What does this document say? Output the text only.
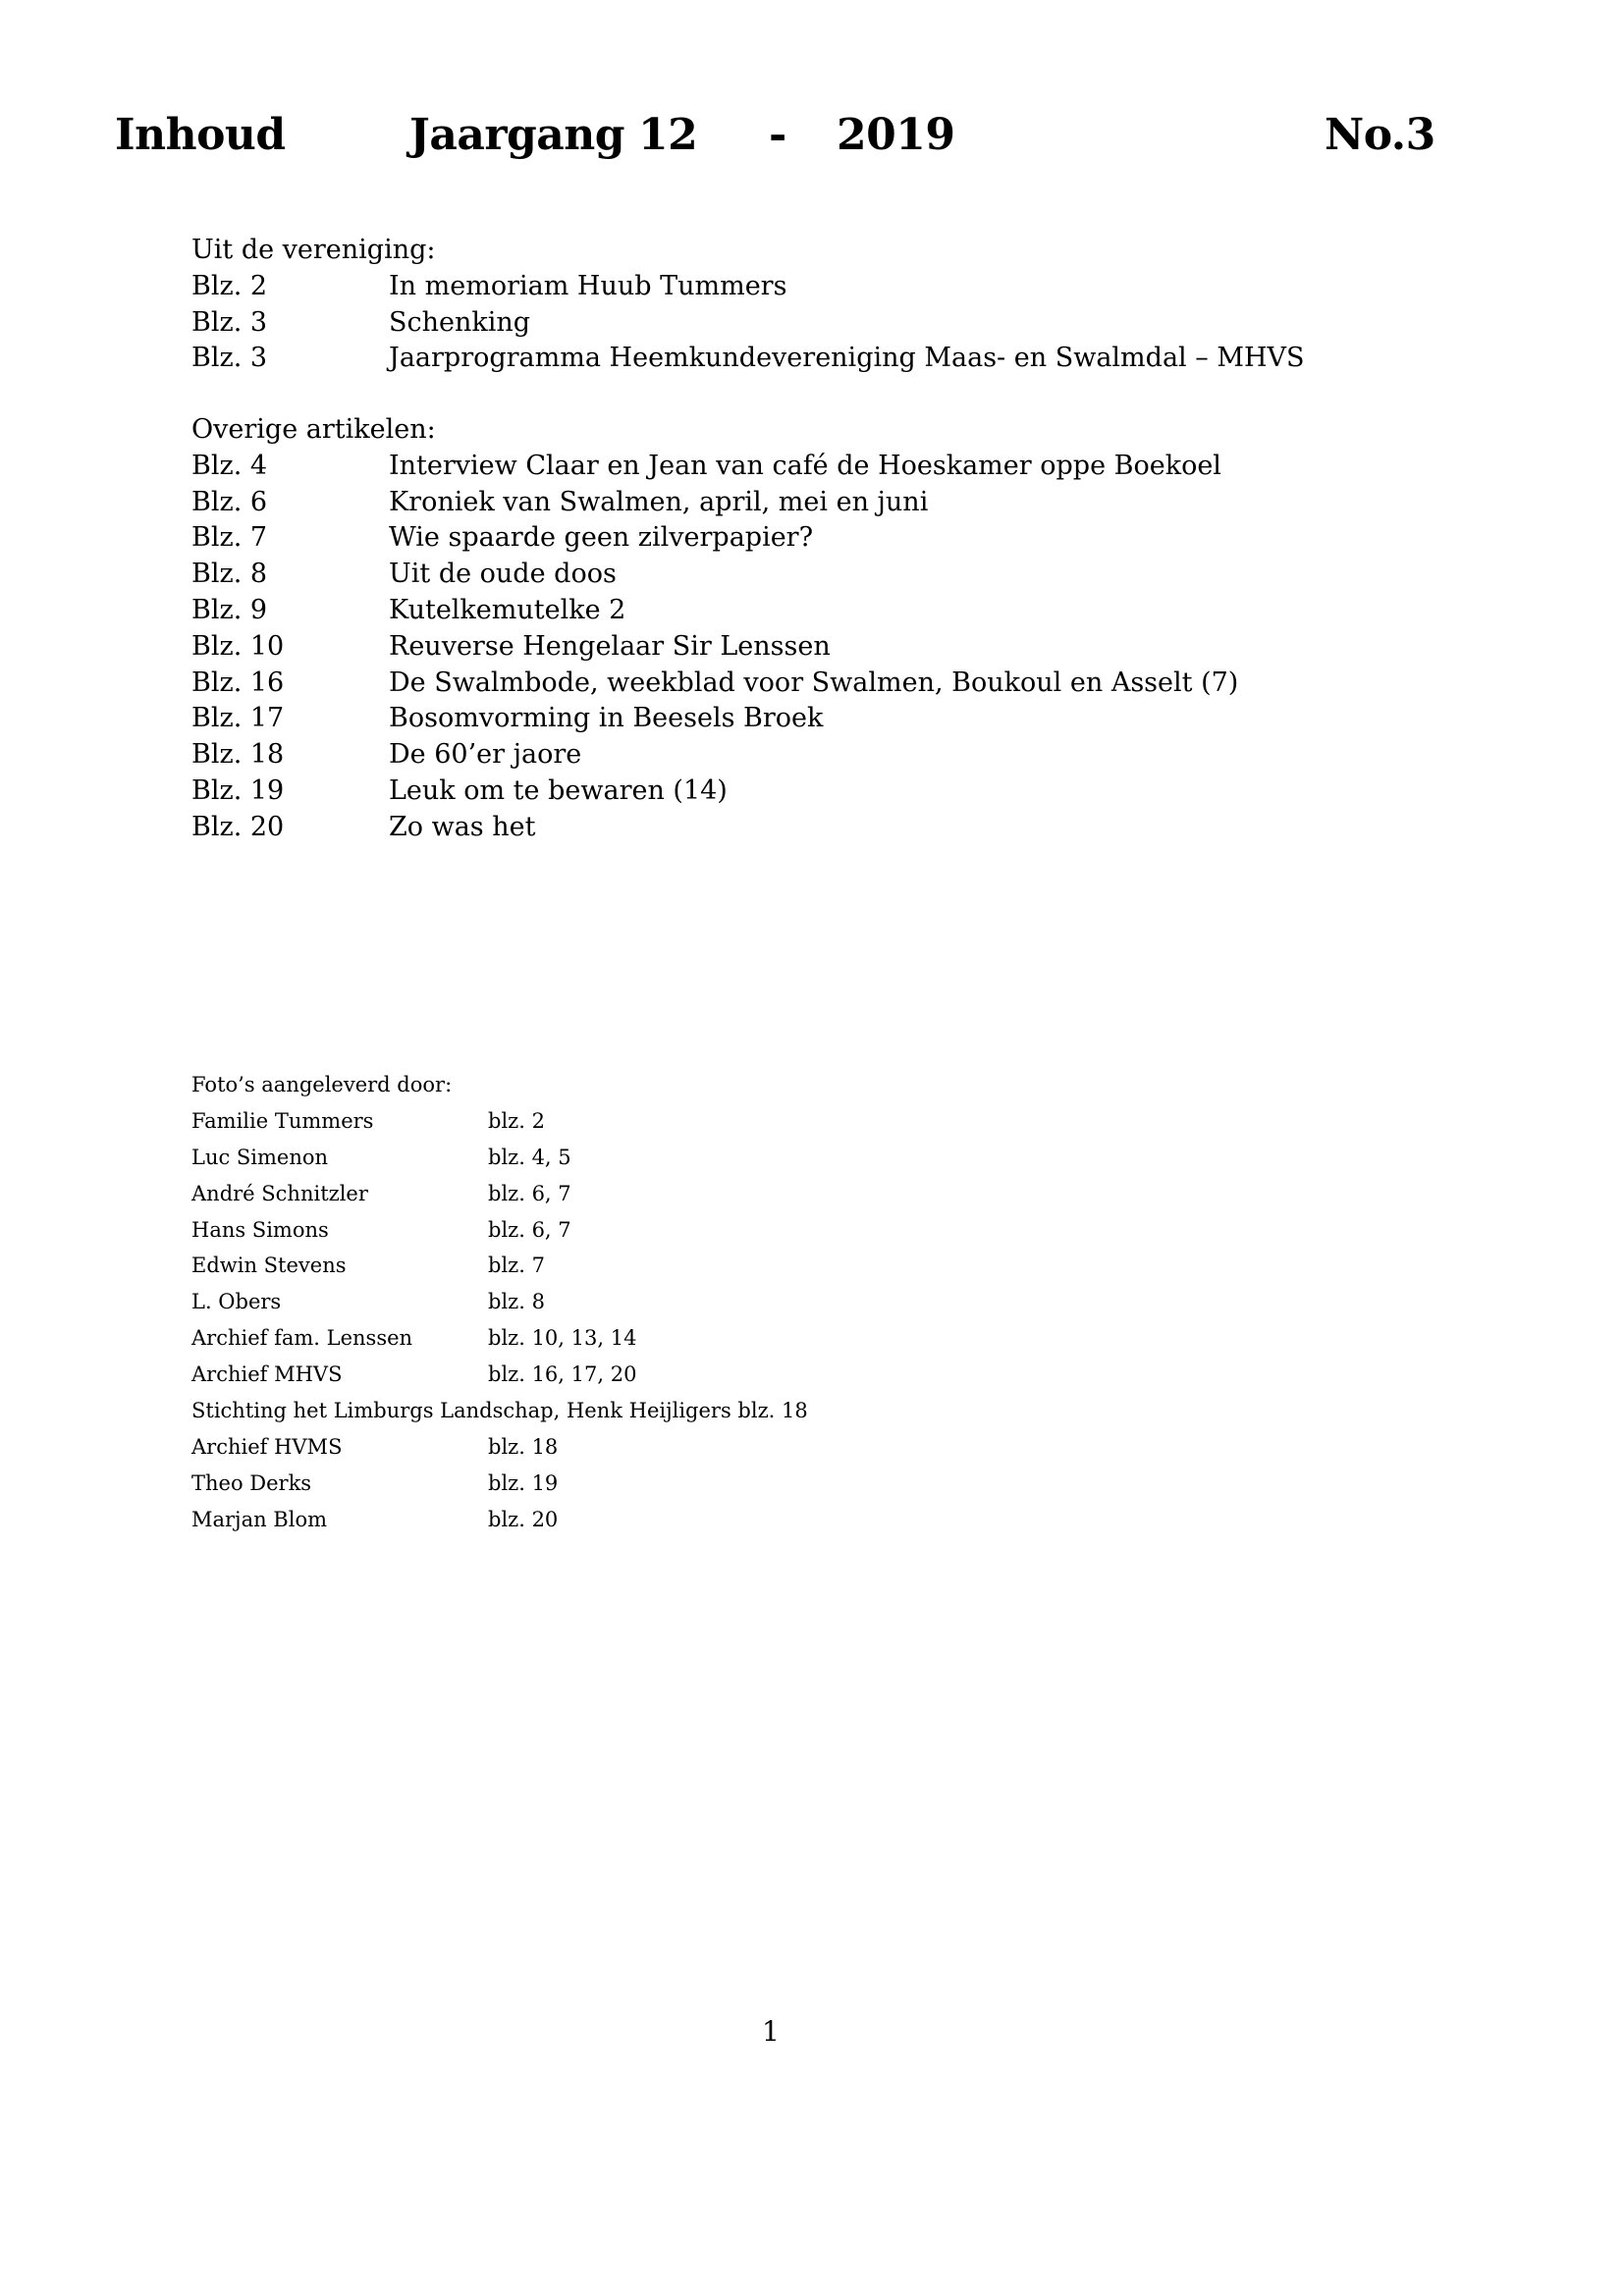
Inhoud	Jaargang 12 - 2019	No.3
Uit de vereniging:
Blz. 2	In memoriam Huub Tummers
Blz. 3	Schenking
Blz. 3	Jaarprogramma Heemkundevereniging Maas- en Swalmdal – MHVS
Overige artikelen:
Blz. 4	Interview Claar en Jean van café de Hoeskamer oppe Boekoel
Blz. 6	Kroniek van Swalmen, april, mei en juni
Blz. 7	Wie spaarde geen zilverpapier?
Blz. 8	Uit de oude doos
Blz. 9	Kutelkemutelke 2
Blz. 10	Reuverse Hengelaar Sir Lenssen
Blz. 16	De Swalmbode, weekblad voor Swalmen, Boukoul en Asselt (7)
Blz. 17	Bosomvorming in Beesels Broek
Blz. 18	De 60’er jaore
Blz. 19	Leuk om te bewaren (14)
Blz. 20	Zo was het
Foto’s aangeleverd door:
Familie Tummers	blz. 2
Luc Simenon	blz. 4, 5
André Schnitzler	blz. 6, 7
Hans Simons	blz. 6, 7
Edwin Stevens	blz. 7
L. Obers	blz. 8
Archief fam. Lenssen	blz. 10, 13, 14
Archief MHVS	blz. 16, 17, 20
Stichting het Limburgs Landschap, Henk Heijligers blz. 18
Archief HVMS	blz. 18
Theo Derks	blz. 19
Marjan Blom	blz. 20
1
